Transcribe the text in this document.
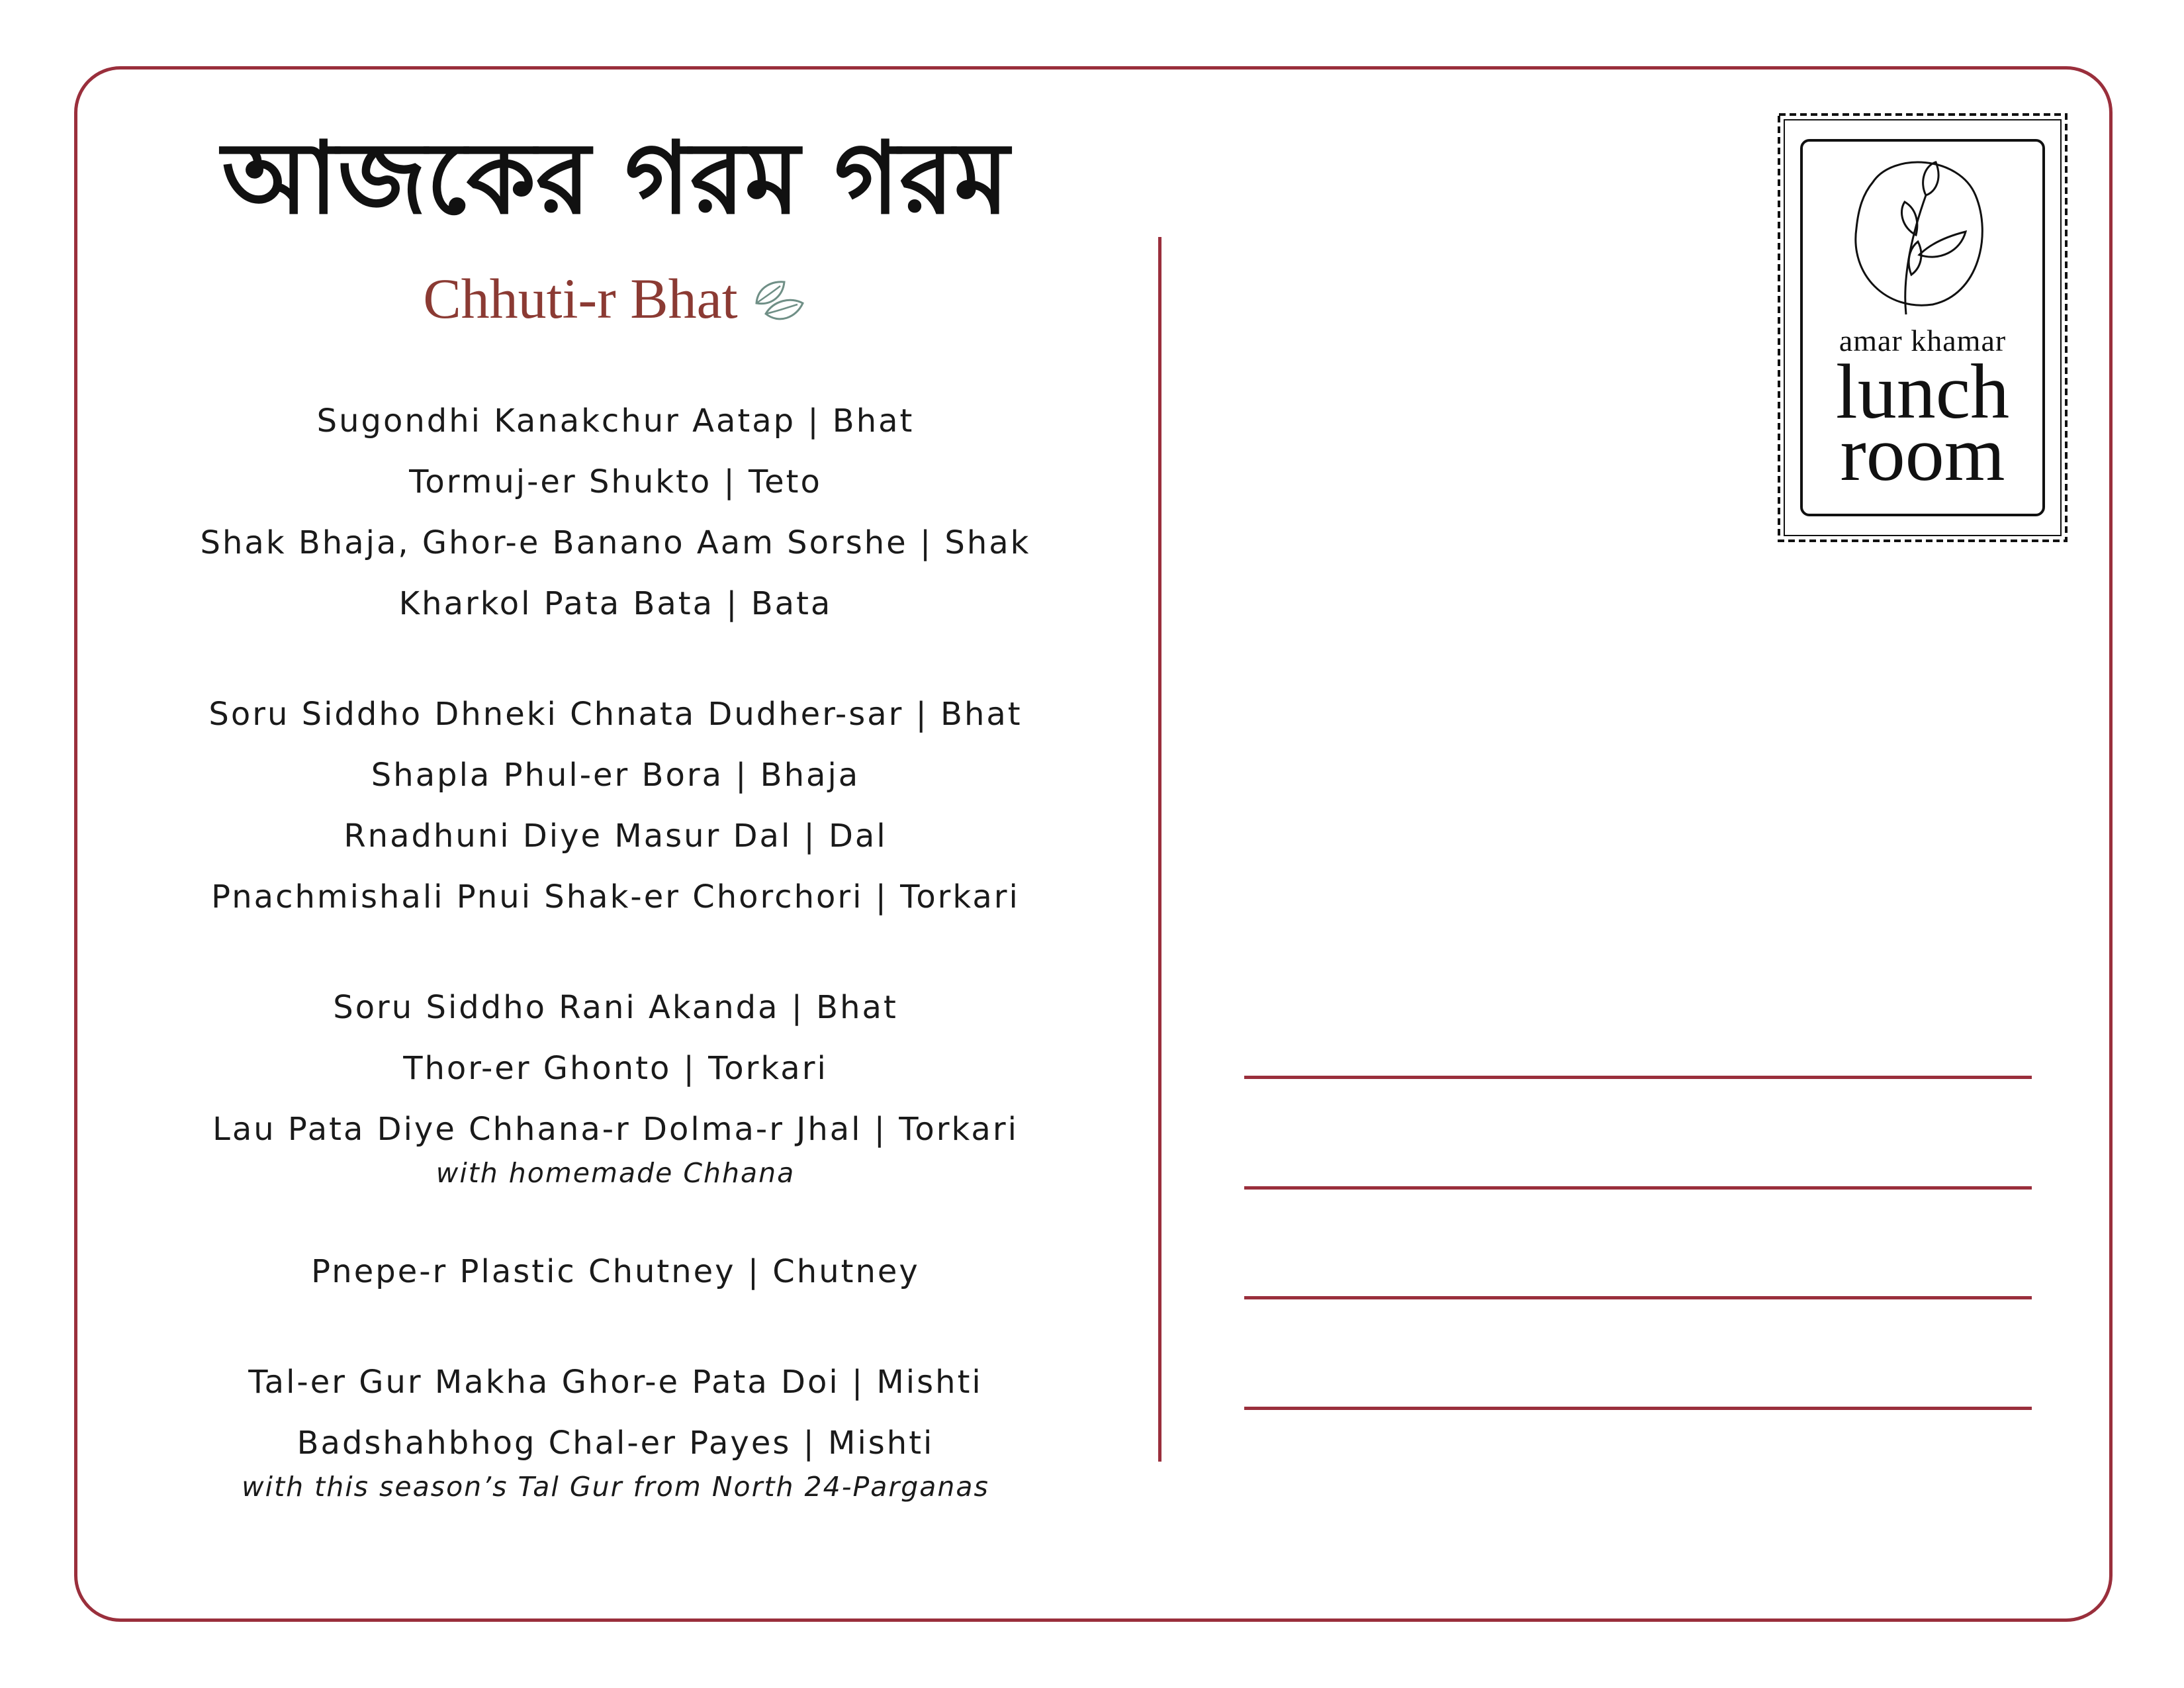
আজকের গরম গরম
Chhuti-r Bhat
Sugondhi Kanakchur Aatap | Bhat
Tormuj-er Shukto | Teto
Shak Bhaja, Ghor-e Banano Aam Sorshe | Shak
Kharkol Pata Bata | Bata
Soru Siddho Dhneki Chnata Dudher-sar | Bhat
Shapla Phul-er Bora | Bhaja
Rnadhuni Diye Masur Dal | Dal
Pnachmishali Pnui Shak-er Chorchori | Torkari
Soru Siddho Rani Akanda | Bhat
Thor-er Ghonto | Torkari
Lau Pata Diye Chhana-r Dolma-r Jhal | Torkari
with homemade Chhana
Pnepe-r Plastic Chutney | Chutney
Tal-er Gur Makha Ghor-e Pata Doi | Mishti
Badshahbhog Chal-er Payes | Mishti
with this season’s Tal Gur from North 24-Parganas
amar khamar
lunch
room
